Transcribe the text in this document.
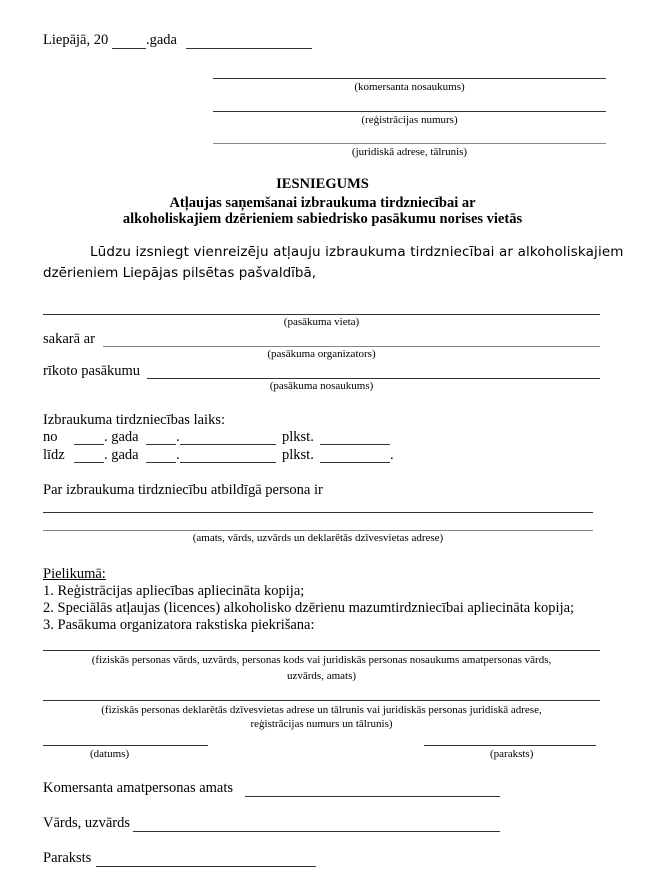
Liepājā, 20	.gada
(komersanta nosaukums)
(reģistrācijas numurs)
(juridiskā adrese, tālrunis)
IESNIEGUMS
Atļaujas saņemšanai izbraukuma tirdzniecībai ar
alkoholiskajiem dzērieniem sabiedrisko pasākumu norises vietās
Lūdzu izsniegt vienreizēju atļauju izbraukuma tirdzniecībai ar alkoholiskajiem
dzērieniem Liepājas pilsētas pašvaldībā,
(pasākuma vieta)
sakarā ar
(pasākuma organizators)
rīkoto pasākumu
(pasākuma nosaukums)
Izbraukuma tirdzniecības laiks:
no	. gada	.	plkst.
līdz	. gada	.	plkst.	.
Par izbraukuma tirdzniecību atbildīgā persona ir
(amats, vārds, uzvārds un deklarētās dzīvesvietas adrese)
Pielikumā:
1. Reģistrācijas apliecības apliecināta kopija;
2. Speciālās atļaujas (licences) alkoholisko dzērienu mazumtirdzniecībai apliecināta kopija;
3. Pasākuma organizatora rakstiska piekrišana:
(fiziskās personas vārds, uzvārds, personas kods vai juridiskās personas nosaukums amatpersonas vārds,
uzvārds, amats)
(fiziskās personas deklarētās dzīvesvietas adrese un tālrunis vai juridiskās personas juridiskā adrese,
reģistrācijas numurs un tālrunis)
(datums)	(paraksts)
Komersanta amatpersonas amats
Vārds, uzvārds
Paraksts
